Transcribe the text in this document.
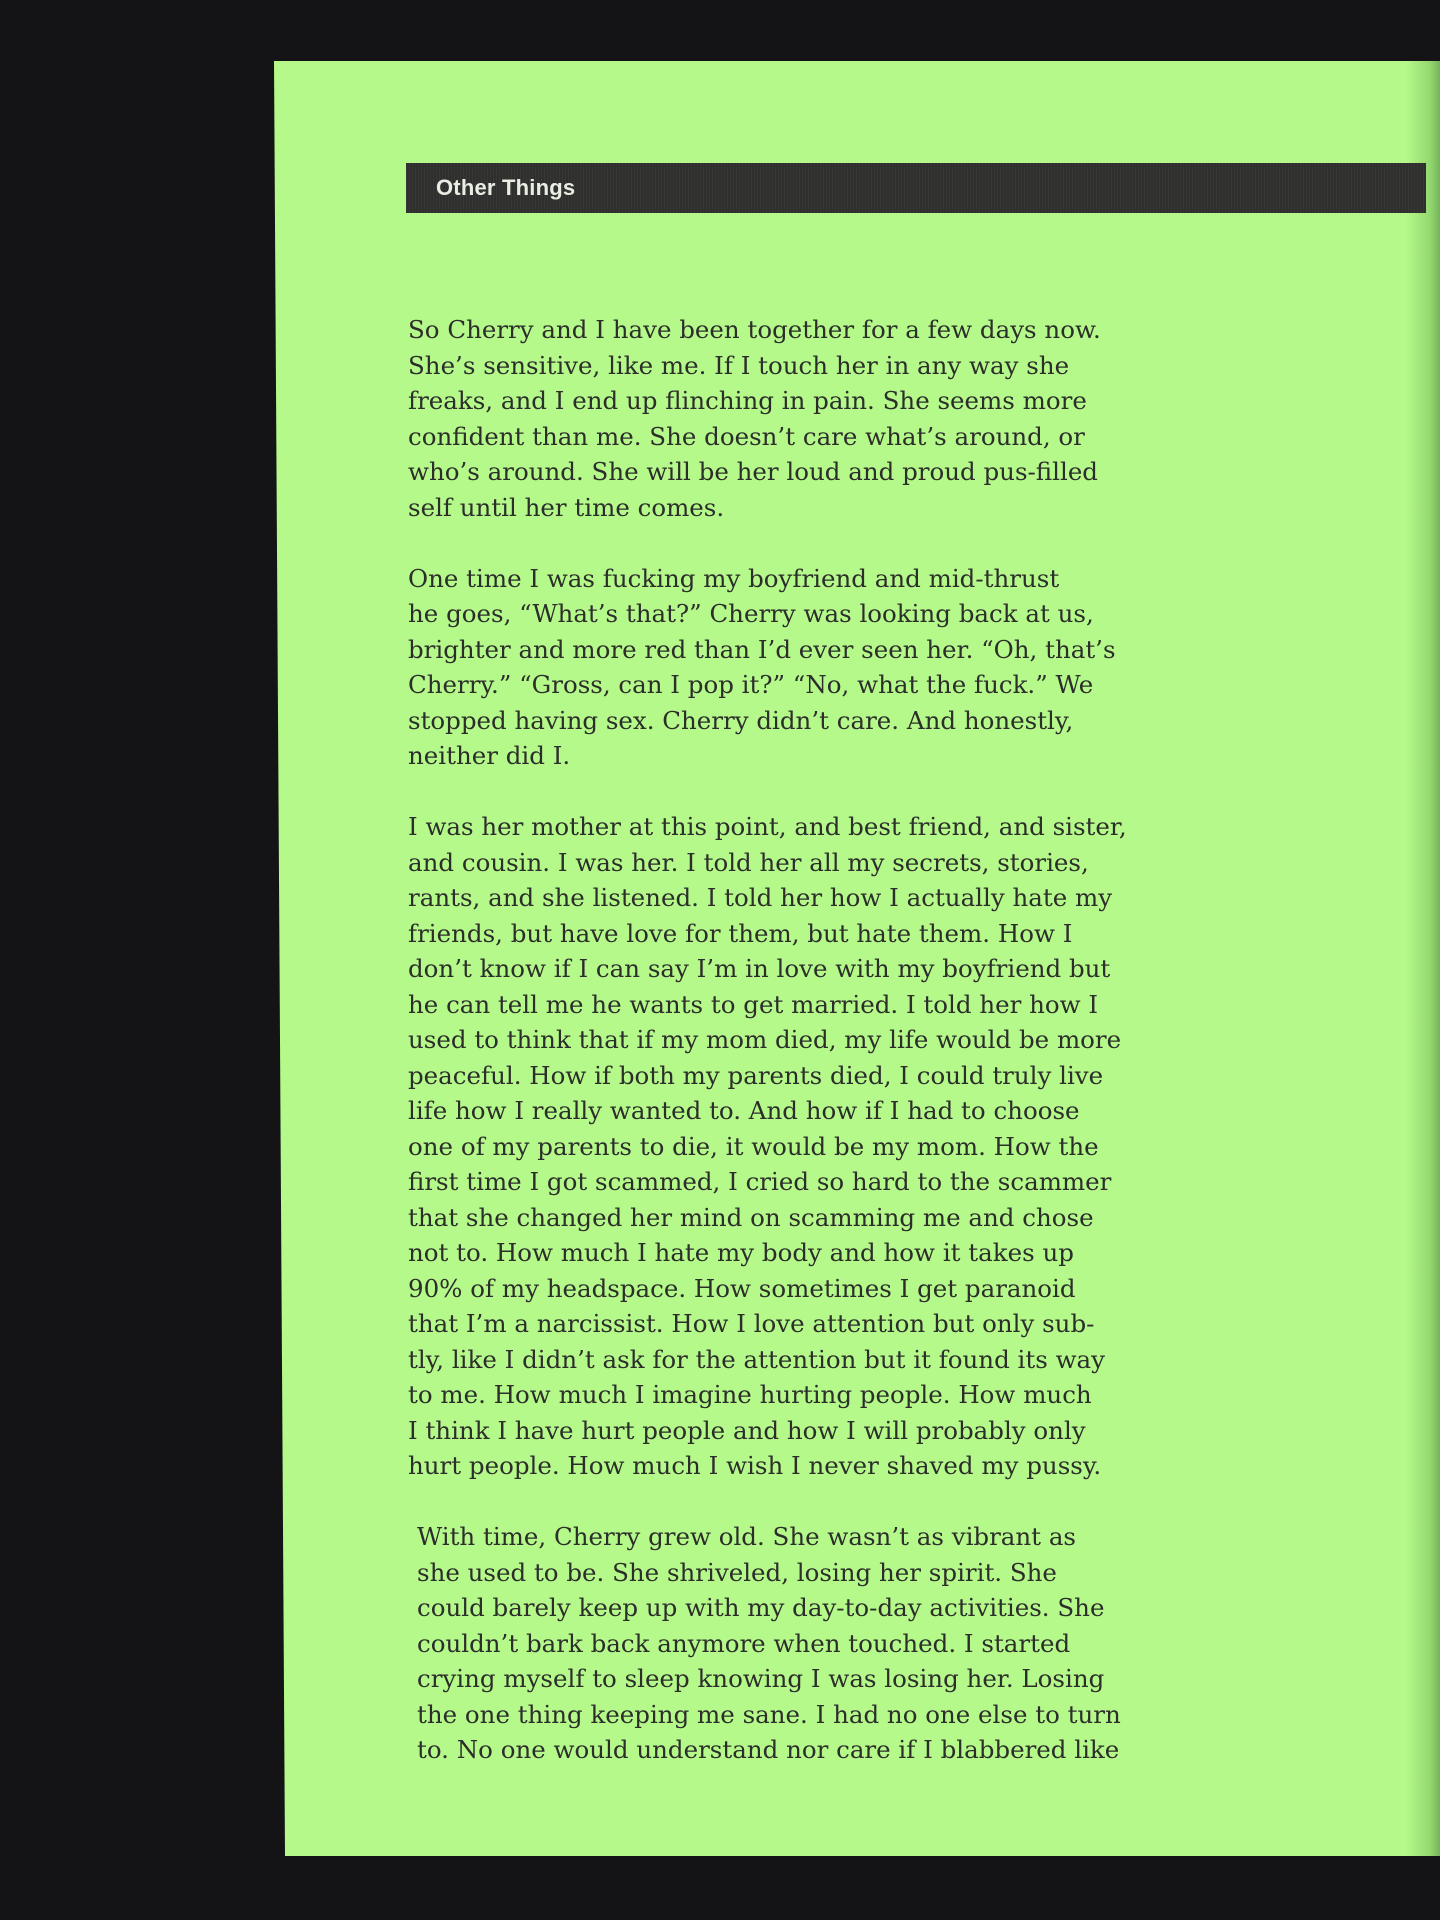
Other Things
So Cherry and I have been together for a few days now.
She’s sensitive, like me. If I touch her in any way she
freaks, and I end up flinching in pain. She seems more
confident than me. She doesn’t care what’s around, or
who’s around. She will be her loud and proud pus-filled
self until her time comes.
One time I was fucking my boyfriend and mid-thrust
he goes, “What’s that?” Cherry was looking back at us,
brighter and more red than I’d ever seen her. “Oh, that’s
Cherry.” “Gross, can I pop it?” “No, what the fuck.” We
stopped having sex. Cherry didn’t care. And honestly,
neither did I.
I was her mother at this point, and best friend, and sister,
and cousin. I was her. I told her all my secrets, stories,
rants, and she listened. I told her how I actually hate my
friends, but have love for them, but hate them. How I
don’t know if I can say I’m in love with my boyfriend but
he can tell me he wants to get married. I told her how I
used to think that if my mom died, my life would be more
peaceful. How if both my parents died, I could truly live
life how I really wanted to. And how if I had to choose
one of my parents to die, it would be my mom. How the
first time I got scammed, I cried so hard to the scammer
that she changed her mind on scamming me and chose
not to. How much I hate my body and how it takes up
90% of my headspace. How sometimes I get paranoid
that I’m a narcissist. How I love attention but only sub-
tly, like I didn’t ask for the attention but it found its way
to me. How much I imagine hurting people. How much
I think I have hurt people and how I will probably only
hurt people. How much I wish I never shaved my pussy.
With time, Cherry grew old. She wasn’t as vibrant as
she used to be. She shriveled, losing her spirit. She
could barely keep up with my day-to-day activities. She
couldn’t bark back anymore when touched. I started
crying myself to sleep knowing I was losing her. Losing
the one thing keeping me sane. I had no one else to turn
to. No one would understand nor care if I blabbered like
